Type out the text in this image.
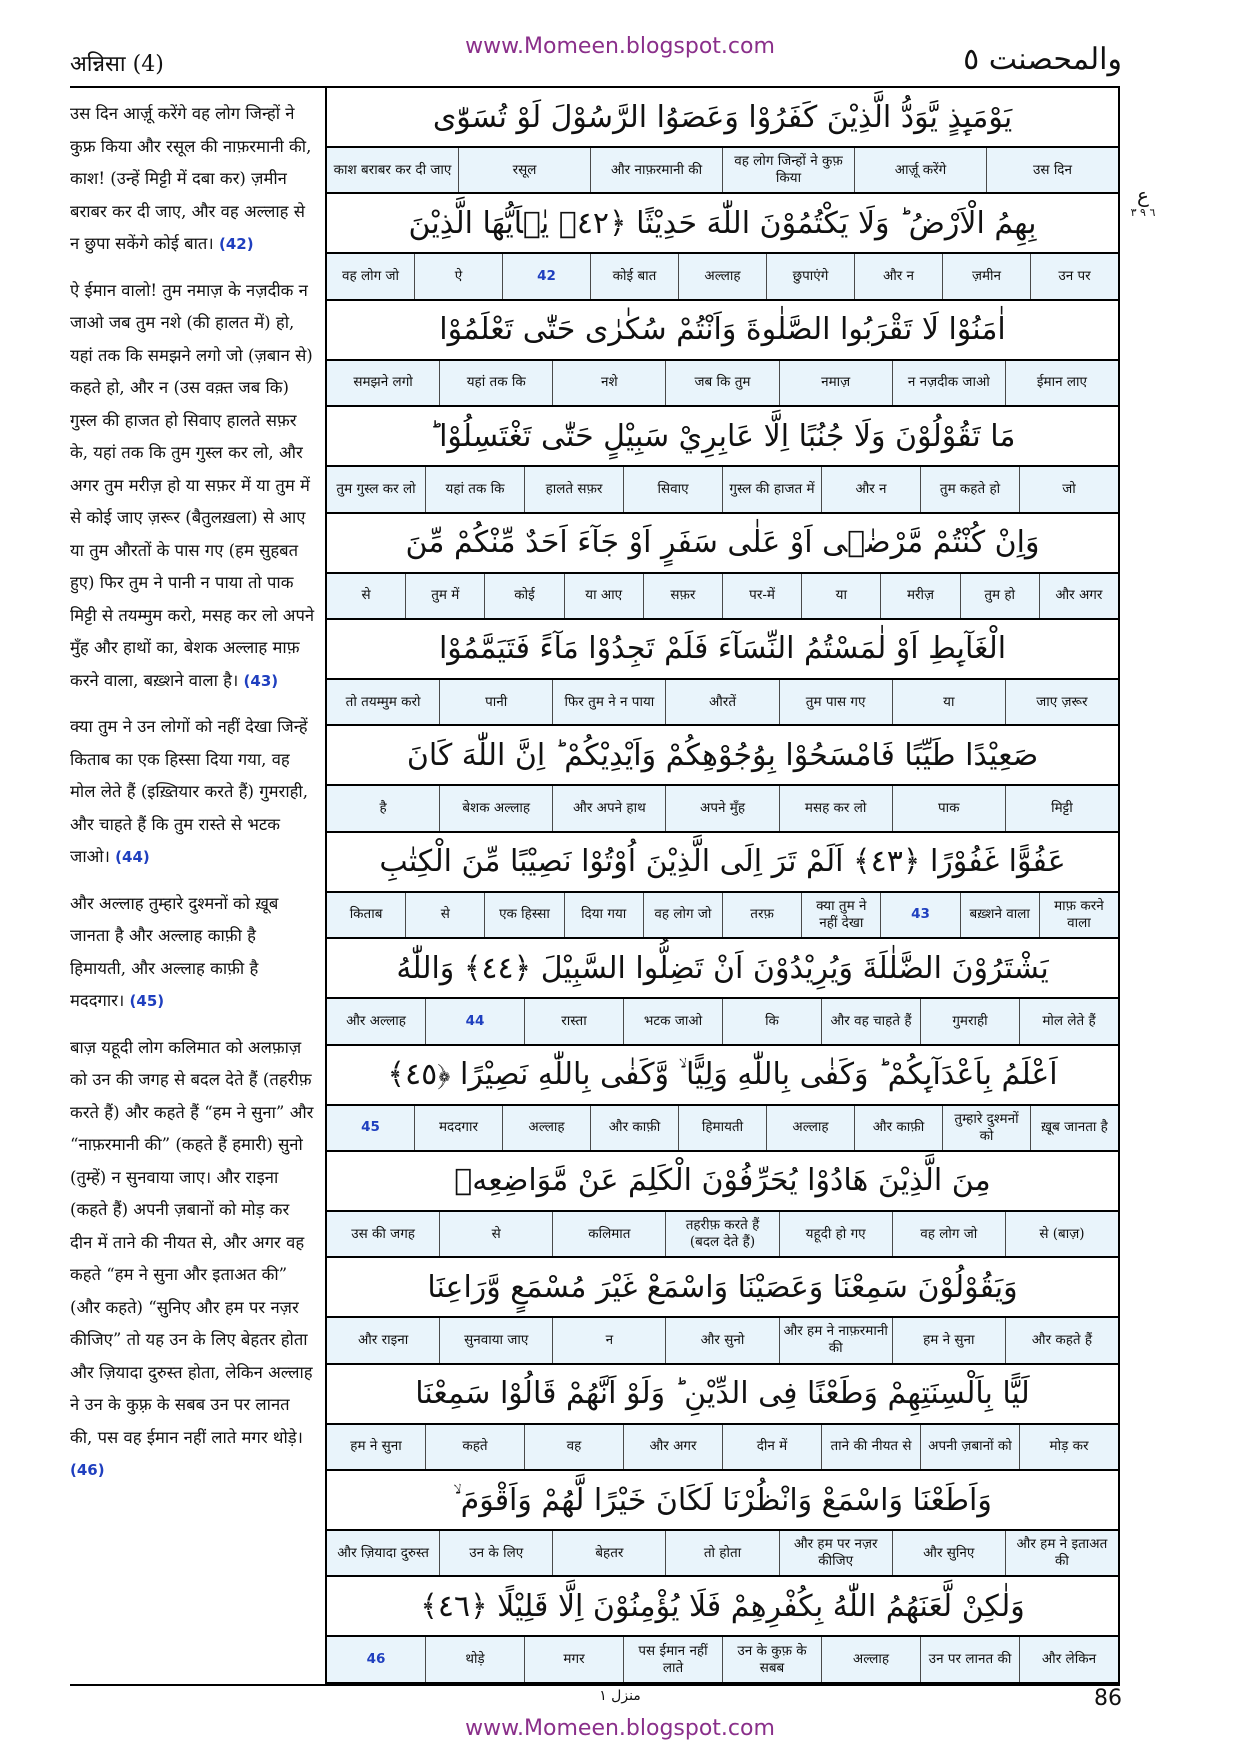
अन्निसा (4)
www.Momeen.blogspot.com	والمحصنت ٥
ع
٦ ٩ ٣

उस दिन आर्ज़ू करेंगे वह लोग जिन्हों ने कुफ्र किया और रसूल की नाफ़रमानी की, काश! (उन्हें मिट्टी में दबा कर) ज़मीन बराबर कर दी जाए, और वह अल्लाह से न छुपा सकेंगे कोई बात। (42)

ऐ ईमान वालो! तुम नमाज़ के नज़दीक न जाओ जब तुम नशे (की हालत में) हो, यहां तक कि समझने लगो जो (ज़बान से) कहते हो, और न (उस वक़्त जब कि) गुस्ल की हाजत हो सिवाए हालते सफ़र के, यहां तक कि तुम गुस्ल कर लो, और अगर तुम मरीज़ हो या सफ़र में या तुम में से कोई जाए ज़रूर (बैतुलख़ला) से आए या तुम औरतों के पास गए (हम सुहबत हुए) फिर तुम ने पानी न पाया तो पाक मिट्टी से तयम्मुम करो, मसह कर लो अपने मुँह और हाथों का, बेशक अल्लाह माफ़ करने वाला, बख़्शने वाला है। (43)

क्या तुम ने उन लोगों को नहीं देखा जिन्हें किताब का एक हिस्सा दिया गया, वह मोल लेते हैं (इख़्तियार करते हैं) गुमराही, और चाहते हैं कि तुम रास्ते से भटक जाओ। (44)

और अल्लाह तुम्हारे दुश्मनों को ख़ूब जानता है और अल्लाह काफ़ी है हिमायती, और अल्लाह काफ़ी है मददगार। (45)

बाज़ यहूदी लोग कलिमात को अलफ़ाज़ को उन की जगह से बदल देते हैं (तहरीफ़ करते हैं) और कहते हैं “हम ने सुना” और “नाफ़रमानी की” (कहते हैं हमारी) सुनो (तुम्हें) न सुनवाया जाए। और राइना (कहते हैं) अपनी ज़बानों को मोड़ कर दीन में ताने की नीयत से, और अगर वह कहते “हम ने सुना और इताअत की” (और कहते) “सुनिए और हम पर नज़र कीजिए” तो यह उन के लिए बेहतर होता और ज़ियादा दुरुस्त होता, लेकिन अल्लाह ने उन के कुफ़्र के सबब उन पर लानत की, पस वह ईमान नहीं लाते मगर थोड़े। (46)

يَوْمَىِٕذٍ يَّوَدُّ الَّذِيْنَ كَفَرُوْا وَعَصَوُا الرَّسُوْلَ لَوْ تُسَوّٰى
उस दिन
आर्ज़ू करेंगे
वह लोग जिन्हों ने कुफ़ किया
और नाफ़रमानी की
रसूल
काश बराबर कर दी जाए
بِهِمُ الْاَرْضُ ؕ وَلَا يَكْتُمُوْنَ اللّٰهَ حَدِيْثًا ﴿٤٢﴾ يٰۤاَيُّهَا الَّذِيْنَ
उन पर
ज़मीन
और न
छुपाएंगे
अल्लाह
कोई बात
42
ऐ
वह लोग जो
اٰمَنُوْا لَا تَقْرَبُوا الصَّلٰوةَ وَاَنْتُمْ سُكٰرٰى حَتّٰى تَعْلَمُوْا
ईमान लाए
न नज़दीक जाओ
नमाज़
जब कि तुम
नशे
यहां तक कि
समझने लगो
مَا تَقُوْلُوْنَ وَلَا جُنُبًا اِلَّا عَابِرِيْ سَبِيْلٍ حَتّٰى تَغْتَسِلُوْا ؕ
जो
तुम कहते हो
और न
गुस्ल की हाजत में
सिवाए
हालते सफ़र
यहां तक कि
तुम गुस्ल कर लो
وَاِنْ كُنْتُمْ مَّرْضٰۤى اَوْ عَلٰى سَفَرٍ اَوْ جَآءَ اَحَدٌ مِّنْكُمْ مِّنَ
और अगर
तुम हो
मरीज़
या
पर-में
सफ़र
या आए
कोई
तुम में
से
الْغَآىِٕطِ اَوْ لٰمَسْتُمُ النِّسَآءَ فَلَمْ تَجِدُوْا مَآءً فَتَيَمَّمُوْا
जाए ज़रूर
या
तुम पास गए
औरतें
फिर तुम ने न पाया
पानी
तो तयम्मुम करो
صَعِيْدًا طَيِّبًا فَامْسَحُوْا بِوُجُوْهِكُمْ وَاَيْدِيْكُمْ ؕ اِنَّ اللّٰهَ كَانَ
मिट्टी
पाक
मसह कर लो
अपने मुँह
और अपने हाथ
बेशक अल्लाह
है
عَفُوًّا غَفُوْرًا ﴿٤٣﴾ اَلَمْ تَرَ اِلَى الَّذِيْنَ اُوْتُوْا نَصِيْبًا مِّنَ الْكِتٰبِ
माफ़ करने वाला
बख़्शने वाला
43
क्या तुम ने नहीं देखा
तरफ़
वह लोग जो
दिया गया
एक हिस्सा
से
किताब
يَشْتَرُوْنَ الضَّلٰلَةَ وَيُرِيْدُوْنَ اَنْ تَضِلُّوا السَّبِيْلَ ﴿٤٤﴾ وَاللّٰهُ
मोल लेते हैं
गुमराही
और वह चाहते हैं
कि
भटक जाओ
रास्ता
44
और अल्लाह
اَعْلَمُ بِاَعْدَآىِٕكُمْ ؕ وَكَفٰى بِاللّٰهِ وَلِيًّا ۙ وَّكَفٰى بِاللّٰهِ نَصِيْرًا ﴿٤٥﴾
ख़ूब जानता है
तुम्हारे दुश्मनों को
और काफ़ी
अल्लाह
हिमायती
और काफ़ी
अल्लाह
मददगार
45
مِنَ الَّذِيْنَ هَادُوْا يُحَرِّفُوْنَ الْكَلِمَ عَنْ مَّوَاضِعِهٖ
से (बाज़)
वह लोग जो
यहूदी हो गए
तहरीफ़ करते हैं (बदल देते हैं)
कलिमात
से
उस की जगह
وَيَقُوْلُوْنَ سَمِعْنَا وَعَصَيْنَا وَاسْمَعْ غَيْرَ مُسْمَعٍ وَّرَاعِنَا
और कहते हैं
हम ने सुना
और हम ने नाफ़रमानी की
और सुनो
न
सुनवाया जाए
और राइना
لَيًّا بِاَلْسِنَتِهِمْ وَطَعْنًا فِى الدِّيْنِ ؕ وَلَوْ اَنَّهُمْ قَالُوْا سَمِعْنَا
मोड़ कर
अपनी ज़बानों को
ताने की नीयत से
दीन में
और अगर
वह
कहते
हम ने सुना
وَاَطَعْنَا وَاسْمَعْ وَانْظُرْنَا لَكَانَ خَيْرًا لَّهُمْ وَاَقْوَمَ ۙ
और हम ने इताअत की
और सुनिए
और हम पर नज़र कीजिए
तो होता
बेहतर
उन के लिए
और ज़ियादा दुरुस्त
وَلٰكِنْ لَّعَنَهُمُ اللّٰهُ بِكُفْرِهِمْ فَلَا يُؤْمِنُوْنَ اِلَّا قَلِيْلًا ﴿٤٦﴾
और लेकिन
उन पर लानत की
अल्लाह
उन के कुफ़ के सबब
पस ईमान नहीं लाते
मगर
थोड़े
46
منزل ١	86
www.Momeen.blogspot.com
